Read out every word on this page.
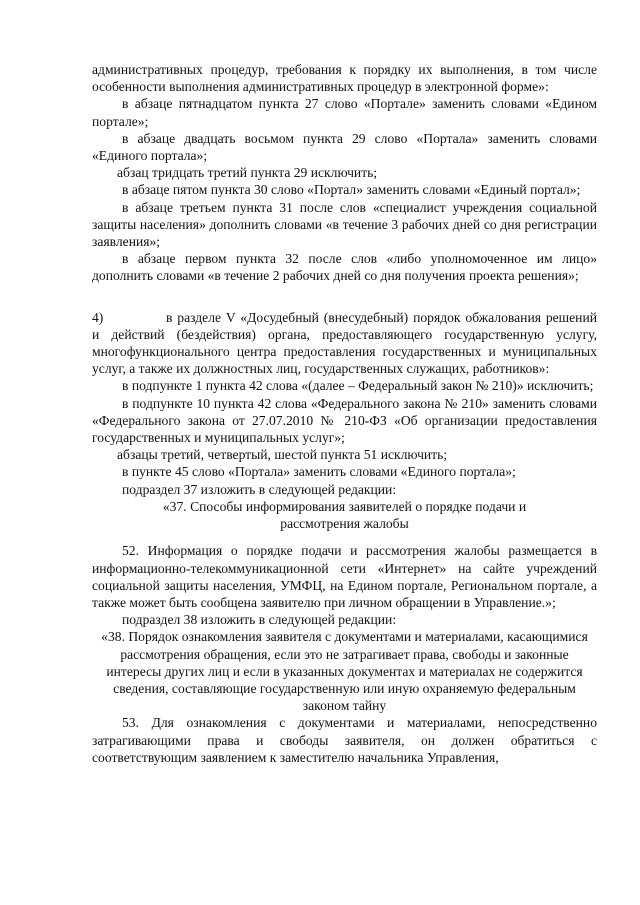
административных процедур, требования к порядку их выполнения, в том числе особенности выполнения административных процедур в электронной форме»:

в абзаце пятнадцатом пункта 27 слово «Портале» заменить словами «Едином портале»;

в абзаце двадцать восьмом пункта 29 слово «Портала» заменить словами «Единого портала»;

абзац тридцать третий пункта 29 исключить;

в абзаце пятом пункта 30 слово «Портал» заменить словами «Единый портал»;

в абзаце третьем пункта 31 после слов «специалист учреждения социальной защиты населения» дополнить словами «в течение 3 рабочих дней со дня регистрации заявления»;

в абзаце первом пункта 32 после слов «либо уполномоченное им лицо» дополнить словами «в течение 2 рабочих дней со дня получения проекта решения»;

4)	в разделе V «Досудебный (внесудебный) порядок обжалования решений и действий (бездействия) органа, предоставляющего государственную услугу, многофункционального центра предоставления государственных и муниципальных услуг, а также их должностных лиц, государственных служащих, работников»:

в подпункте 1 пункта 42 слова «(далее – Федеральный закон № 210)» исключить;

в подпункте 10 пункта 42 слова «Федерального закона № 210» заменить словами «Федерального закона от 27.07.2010 № 210-ФЗ «Об организации предоставления государственных и муниципальных услуг»;

абзацы третий, четвертый, шестой пункта 51 исключить;

в пункте 45 слово «Портала» заменить словами «Единого портала»;

подраздел 37 изложить в следующей редакции:

«37. Способы информирования заявителей о порядке подачи и рассмотрения жалобы

52. Информация о порядке подачи и рассмотрения жалобы размещается в информационно-телекоммуникационной сети «Интернет» на сайте учреждений социальной защиты населения, УМФЦ, на Едином портале, Региональном портале, а также может быть сообщена заявителю при личном обращении в Управление.»;

подраздел 38 изложить в следующей редакции:

«38. Порядок ознакомления заявителя с документами и материалами, касающимися рассмотрения обращения, если это не затрагивает права, свободы и законные интересы других лиц и если в указанных документах и материалах не содержится сведения, составляющие государственную или иную охраняемую федеральным законом тайну

53. Для ознакомления с документами и материалами, непосредственно затрагивающими права и свободы заявителя, он должен обратиться с соответствующим заявлением к заместителю начальника Управления,
